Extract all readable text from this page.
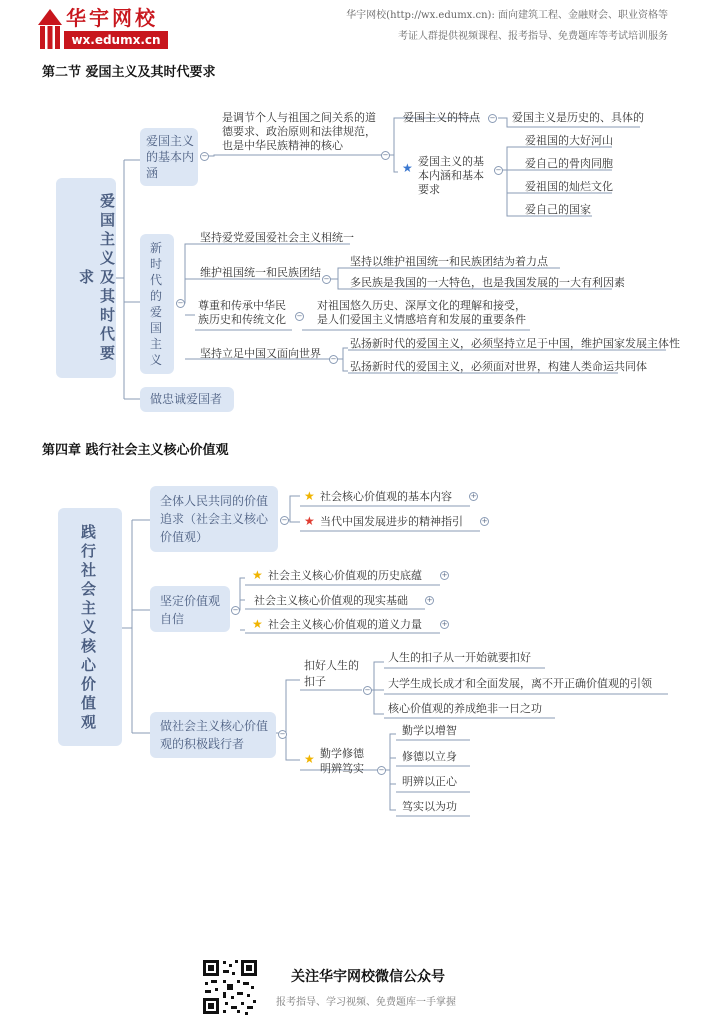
华宇网校
wx.edumx.cn
华宇网校(http://wx.edumx.cn): 面向建筑工程、金融财会、职业资格等
考证人群提供视频课程、报考指导、免费题库等考试培训服务
第二节 爱国主义及其时代要求
爱国主义及其时代要求
爱国主义的基本内涵
−
是调节个人与祖国之间关系的道德要求、政治原则和法律规范，也是中华民族精神的核心
−
爱国主义的特点 − 爱国主义是历史的、具体的
★ 爱国主义的基本内涵和基本要求
−
爱祖国的大好河山
爱自己的骨肉同胞
爱祖国的灿烂文化
爱自己的国家
新时代的爱国主义
−
坚持爱党爱国爱社会主义相统一
维护祖国统一和民族团结 −
坚持以维护祖国统一和民族团结为着力点
多民族是我国的一大特色，也是我国发展的一大有利因素
尊重和传承中华民族历史和传统文化	−
对祖国悠久历史、深厚文化的理解和接受，是人们爱国主义情感培育和发展的重要条件
坚持立足中国又面向世界 −
弘扬新时代的爱国主义，必须坚持立足于中国，维护国家发展主体性
弘扬新时代的爱国主义，必须面对世界，构建人类命运共同体
做忠诚爱国者
第四章 践行社会主义核心价值观
践行社会主义核心价值观
全体人民共同的价值追求（社会主义核心价值观）
−
★ 社会核心价值观的基本内容	+
★ 当代中国发展进步的精神指引	+
坚定价值观自信
−
★ 社会主义核心价值观的历史底蕴	+
社会主义核心价值观的现实基础	+
★ 社会主义核心价值观的道义力量	+
做社会主义核心价值观的积极践行者
−
扣好人生的扣子
−
人生的扣子从一开始就要扣好
大学生成长成才和全面发展，离不开正确价值观的引领
核心价值观的养成绝非一日之功
★ 勤学修德明辨笃实	−
勤学以增智
修德以立身
明辨以正心
笃实以为功
关注华宇网校微信公众号
报考指导、学习视频、免费题库一手掌握
